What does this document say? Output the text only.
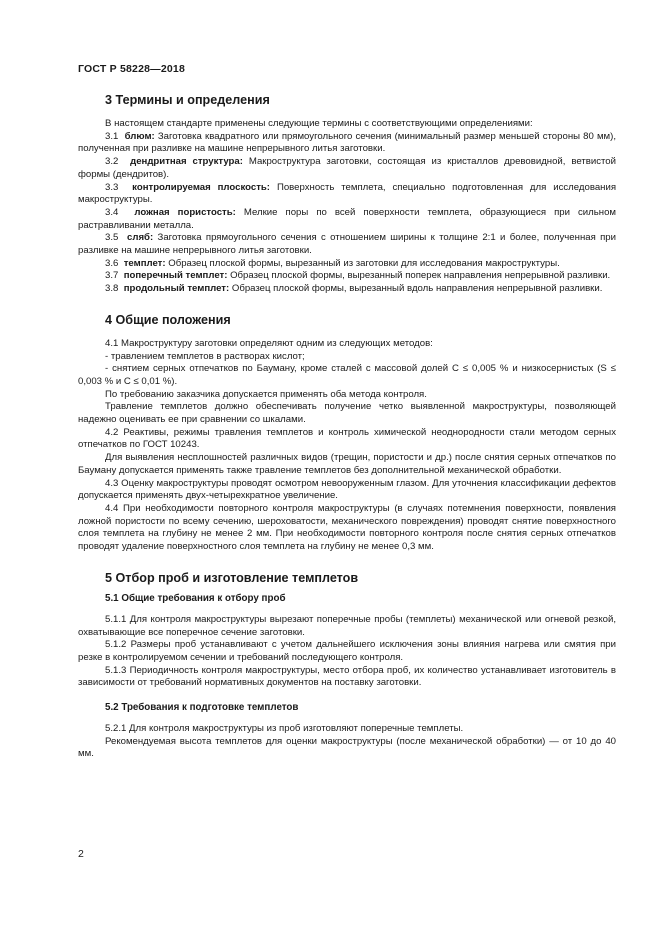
ГОСТ Р 58228—2018
3 Термины и определения

В настоящем стандарте применены следующие термины с соответствующими определениями:

3.1 блюм: Заготовка квадратного или прямоугольного сечения (минимальный размер меньшей стороны 80 мм), полученная при разливке на машине непрерывного литья заготовки.

3.2 дендритная структура: Макроструктура заготовки, состоящая из кристаллов древовидной, ветвистой формы (дендритов).

3.3 контролируемая плоскость: Поверхность темплета, специально подготовленная для исследования макроструктуры.

3.4 ложная пористость: Мелкие поры по всей поверхности темплета, образующиеся при сильном растравливании металла.

3.5 сляб: Заготовка прямоугольного сечения с отношением ширины к толщине 2:1 и более, полученная при разливке на машине непрерывного литья заготовки.

3.6 темплет: Образец плоской формы, вырезанный из заготовки для исследования макроструктуры.

3.7 поперечный темплет: Образец плоской формы, вырезанный поперек направления непрерывной разливки.

3.8 продольный темплет: Образец плоской формы, вырезанный вдоль направления непрерывной разливки.

4 Общие положения

4.1 Макроструктуру заготовки определяют одним из следующих методов:

- травлением темплетов в растворах кислот;

- снятием серных отпечатков по Бауману, кроме сталей с массовой долей C ≤ 0,005 % и низкосернистых (S ≤ 0,003 % и C ≤ 0,01 %).

По требованию заказчика допускается применять оба метода контроля.

Травление темплетов должно обеспечивать получение четко выявленной макроструктуры, позволяющей надежно оценивать ее при сравнении со шкалами.

4.2 Реактивы, режимы травления темплетов и контроль химической неоднородности стали методом серных отпечатков по ГОСТ 10243.

Для выявления несплошностей различных видов (трещин, пористости и др.) после снятия серных отпечатков по Бауману допускается применять также травление темплетов без дополнительной механической обработки.

4.3 Оценку макроструктуры проводят осмотром невооруженным глазом. Для уточнения классификации дефектов допускается применять двух-четырехкратное увеличение.

4.4 При необходимости повторного контроля макроструктуры (в случаях потемнения поверхности, появления ложной пористости по всему сечению, шероховатости, механического повреждения) проводят снятие поверхностного слоя темплета на глубину не менее 2 мм. При необходимости повторного контроля после снятия серных отпечатков проводят удаление поверхностного слоя темплета на глубину не менее 0,3 мм.

5 Отбор проб и изготовление темплетов
5.1 Общие требования к отбору проб

5.1.1 Для контроля макроструктуры вырезают поперечные пробы (темплеты) механической или огневой резкой, охватывающие все поперечное сечение заготовки.

5.1.2 Размеры проб устанавливают с учетом дальнейшего исключения зоны влияния нагрева или смятия при резке в контролируемом сечении и требований последующего контроля.

5.1.3 Периодичность контроля макроструктуры, место отбора проб, их количество устанавливает изготовитель в зависимости от требований нормативных документов на поставку заготовки.

5.2 Требования к подготовке темплетов

5.2.1 Для контроля макроструктуры из проб изготовляют поперечные темплеты.

Рекомендуемая высота темплетов для оценки макроструктуры (после механической обработки) — от 10 до 40 мм.

2
